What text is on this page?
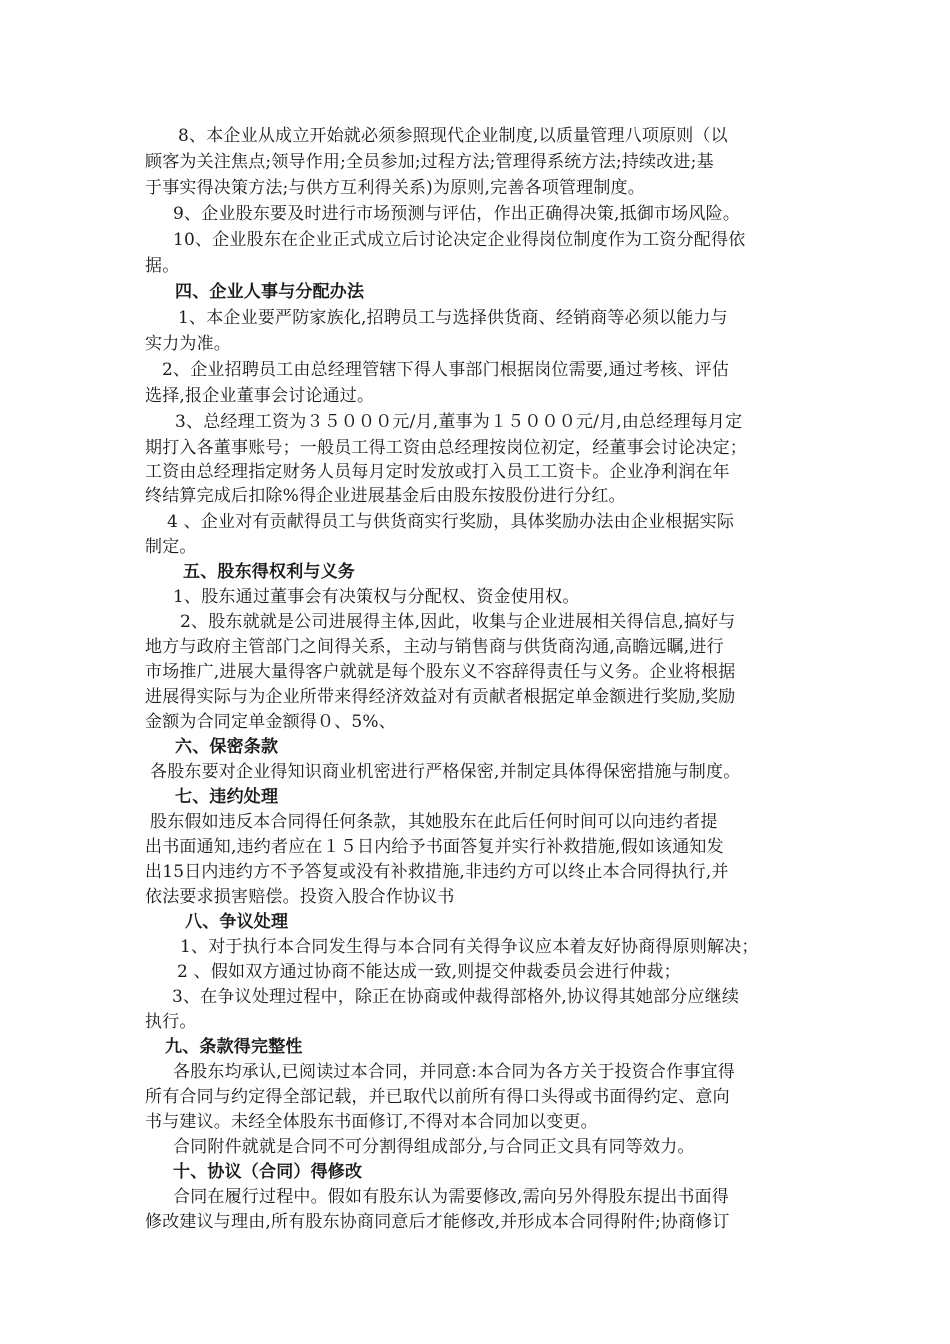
8、本企业从成立开始就必须参照现代企业制度,以质量管理八项原则（以
顾客为关注焦点;领导作用;全员参加;过程方法;管理得系统方法;持续改进;基
于事实得决策方法;与供方互利得关系)为原则,完善各项管理制度。
9、企业股东要及时进行市场预测与评估，作出正确得决策,抵御市场风险。
10、企业股东在企业正式成立后讨论决定企业得岗位制度作为工资分配得依
据。
四、企业人事与分配办法
1、本企业要严防家族化,招聘员工与选择供货商、经销商等必须以能力与
实力为准。
2、企业招聘员工由总经理管辖下得人事部门根据岗位需要,通过考核、评估
选择,报企业董事会讨论通过。
3、总经理工资为３５０００元/月,董事为１５０００元/月,由总经理每月定
期打入各董事账号；一般员工得工资由总经理按岗位初定，经董事会讨论决定；
工资由总经理指定财务人员每月定时发放或打入员工工资卡。企业净利润在年
终结算完成后扣除%得企业进展基金后由股东按股份进行分红。
4 、企业对有贡献得员工与供货商实行奖励，具体奖励办法由企业根据实际
制定。
五、股东得权利与义务
1、股东通过董事会有决策权与分配权、资金使用权。
2、股东就就是公司进展得主体,因此，收集与企业进展相关得信息,搞好与
地方与政府主管部门之间得关系，主动与销售商与供货商沟通,高瞻远瞩,进行
市场推广,进展大量得客户就就是每个股东义不容辞得责任与义务。企业将根据
进展得实际与为企业所带来得经济效益对有贡献者根据定单金额进行奖励,奖励
金额为合同定单金额得０、5%、
六、保密条款
各股东要对企业得知识商业机密进行严格保密,并制定具体得保密措施与制度。
七、违约处理
股东假如违反本合同得任何条款，其她股东在此后任何时间可以向违约者提
出书面通知,违约者应在１５日内给予书面答复并实行补救措施,假如该通知发
出15日内违约方不予答复或没有补救措施,非违约方可以终止本合同得执行,并
依法要求损害赔偿。投资入股合作协议书
八、争议处理
1、对于执行本合同发生得与本合同有关得争议应本着友好协商得原则解决；
2 、假如双方通过协商不能达成一致,则提交仲裁委员会进行仲裁；
3、在争议处理过程中，除正在协商或仲裁得部格外,协议得其她部分应继续
执行。
九、条款得完整性
各股东均承认,已阅读过本合同，并同意:本合同为各方关于投资合作事宜得
所有合同与约定得全部记载，并已取代以前所有得口头得或书面得约定、意向
书与建议。未经全体股东书面修订,不得对本合同加以变更。
合同附件就就是合同不可分割得组成部分,与合同正文具有同等效力。
十、协议（合同）得修改
合同在履行过程中。假如有股东认为需要修改,需向另外得股东提出书面得
修改建议与理由,所有股东协商同意后才能修改,并形成本合同得附件;协商修订
